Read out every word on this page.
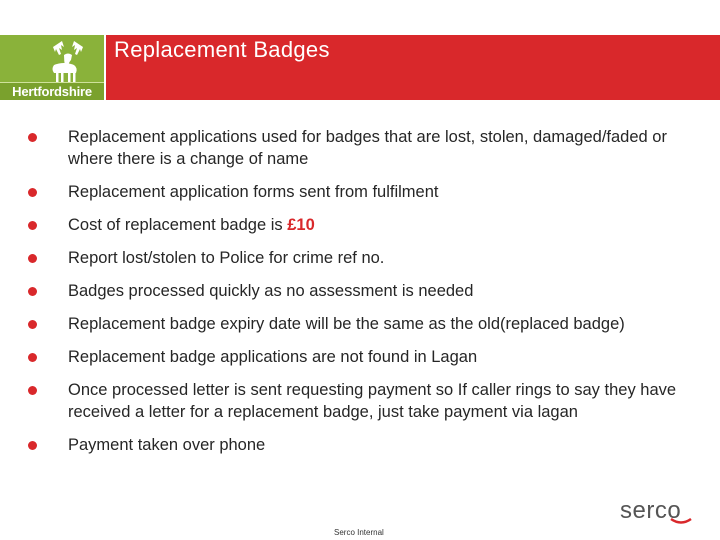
Hertfordshire
Replacement Badges
Replacement applications used for badges that are lost, stolen, damaged/faded or where there is a change of name
Replacement application forms sent from fulfilment
Cost of replacement badge is £10
Report lost/stolen to Police for crime ref no.
Badges processed quickly as no assessment is needed
Replacement badge expiry date will be the same as the old(replaced badge)
Replacement badge applications are not found in Lagan
Once processed letter is sent requesting payment so If caller rings to say they have received a letter for a replacement badge, just take payment via lagan
Payment taken over phone
Serco Internal
serco
